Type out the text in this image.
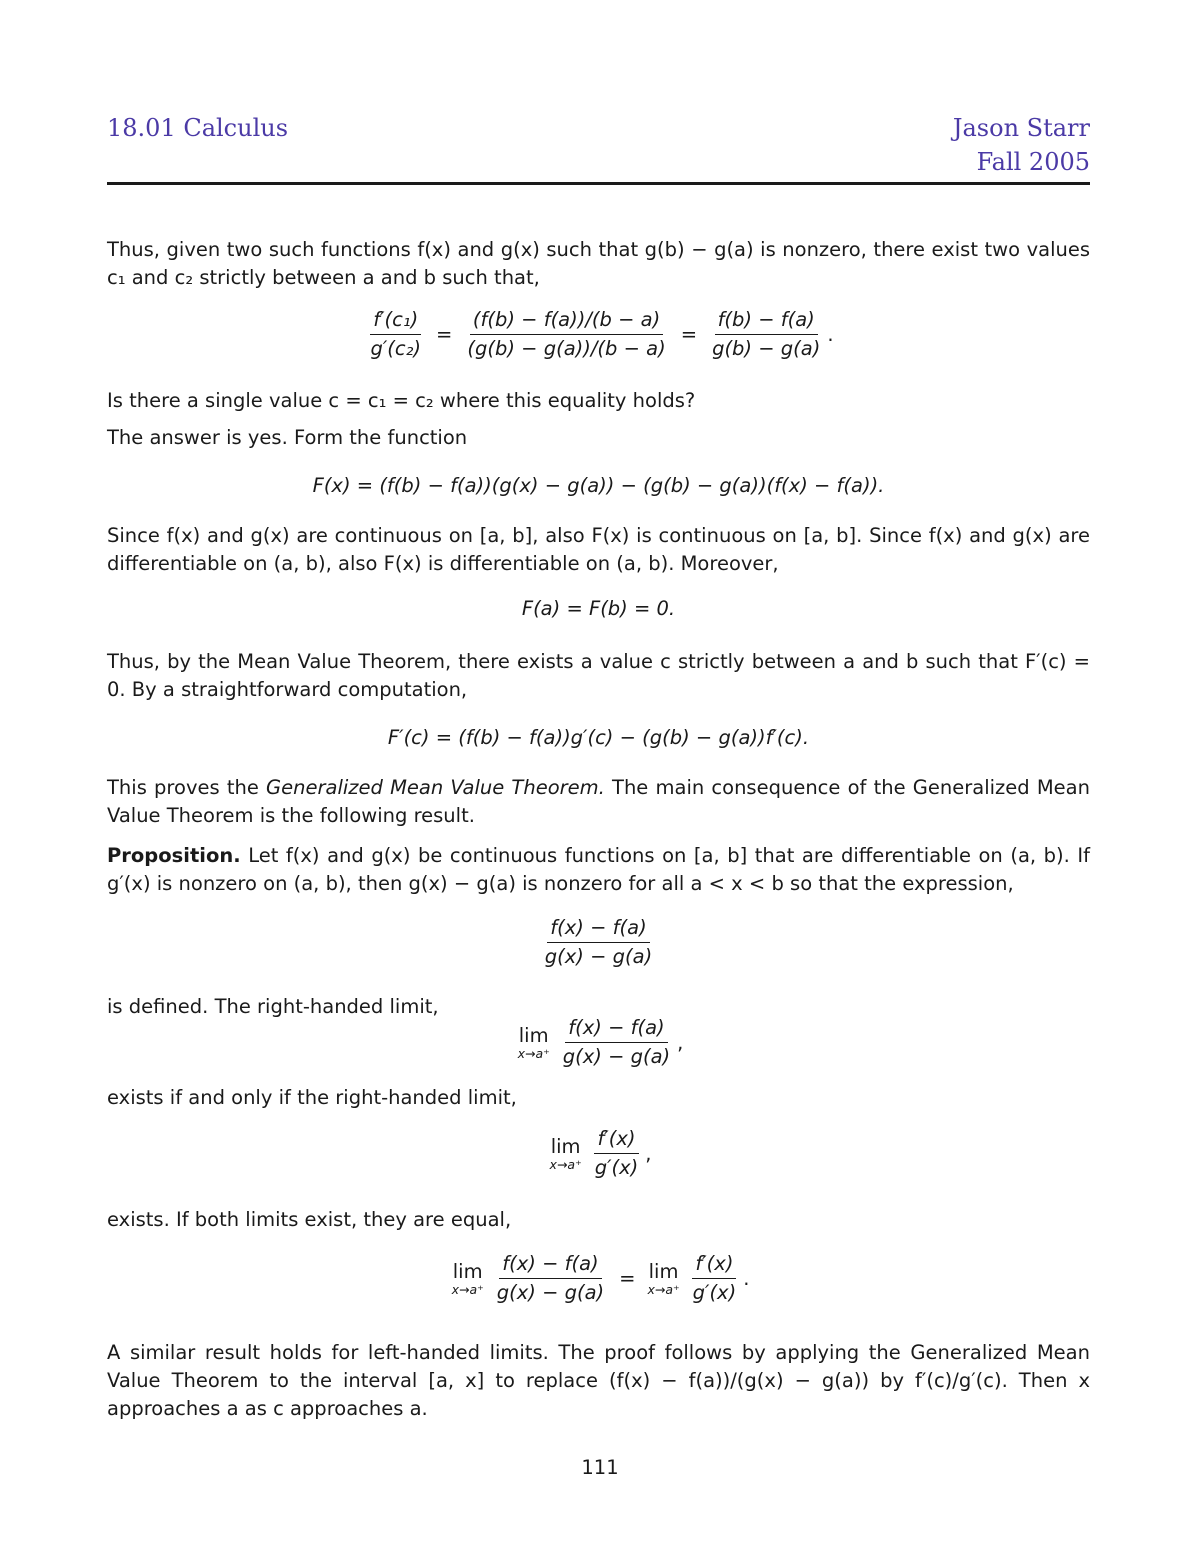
18.01 Calculus	Jason Starr
Fall 2005
Thus, given two such functions f(x) and g(x) such that g(b) − g(a) is nonzero, there exist two values c₁ and c₂ strictly between a and b such that,
$\frac{\text{f′(c₁)}}{\text{g′(c₂)}} = \frac{(f(b) - f(a))/(b - a)}{(g(b) - g(a))/(b - a)} = \frac{f(b) - f(a)}{g(b) - g(a)}$ .
Is there a single value c = c₁ = c₂ where this equality holds?
The answer is yes. Form the function
F(x) = (f(b) − f(a))(g(x) − g(a)) − (g(b) − g(a))(f(x) − f(a)).
Since f(x) and g(x) are continuous on [a, b], also F(x) is continuous on [a, b]. Since f(x) and g(x) are differentiable on (a, b), also F(x) is differentiable on (a, b). Moreover,
F(a) = F(b) = 0.
Thus, by the Mean Value Theorem, there exists a value c strictly between a and b such that F′(c) = 0. By a straightforward computation,
F′(c) = (f(b) − f(a))g′(c) − (g(b) − g(a))f′(c).
This proves the Generalized Mean Value Theorem. The main consequence of the Generalized Mean Value Theorem is the following result.
Proposition. Let f(x) and g(x) be continuous functions on [a, b] that are differentiable on (a, b). If g′(x) is nonzero on (a, b), then g(x) − g(a) is nonzero for all a < x < b so that the expression,
$\frac{f(x) - f(a)}{g(x) - g(a)}$
is defined. The right-handed limit,
lim
$x\to a^+ \frac{f(x) - f(a)}{g(x) - g(a)}$ ,
exists if and only if the right-handed limit,
lim
$x\to a^+ \frac{f'(x)}{g'(x)}$ ,
exists. If both limits exist, they are equal,
lim
$x\to a^+ \frac{f(x) - f(a)}{g(x) - g(a)} = \lim$
$x\to a^+ \frac{f'(x)}{g'(x)}$ .
A similar result holds for left-handed limits. The proof follows by applying the Generalized Mean Value Theorem to the interval [a, x] to replace (f(x) − f(a))/(g(x) − g(a)) by f′(c)/g′(c). Then x approaches a as c approaches a.
111
